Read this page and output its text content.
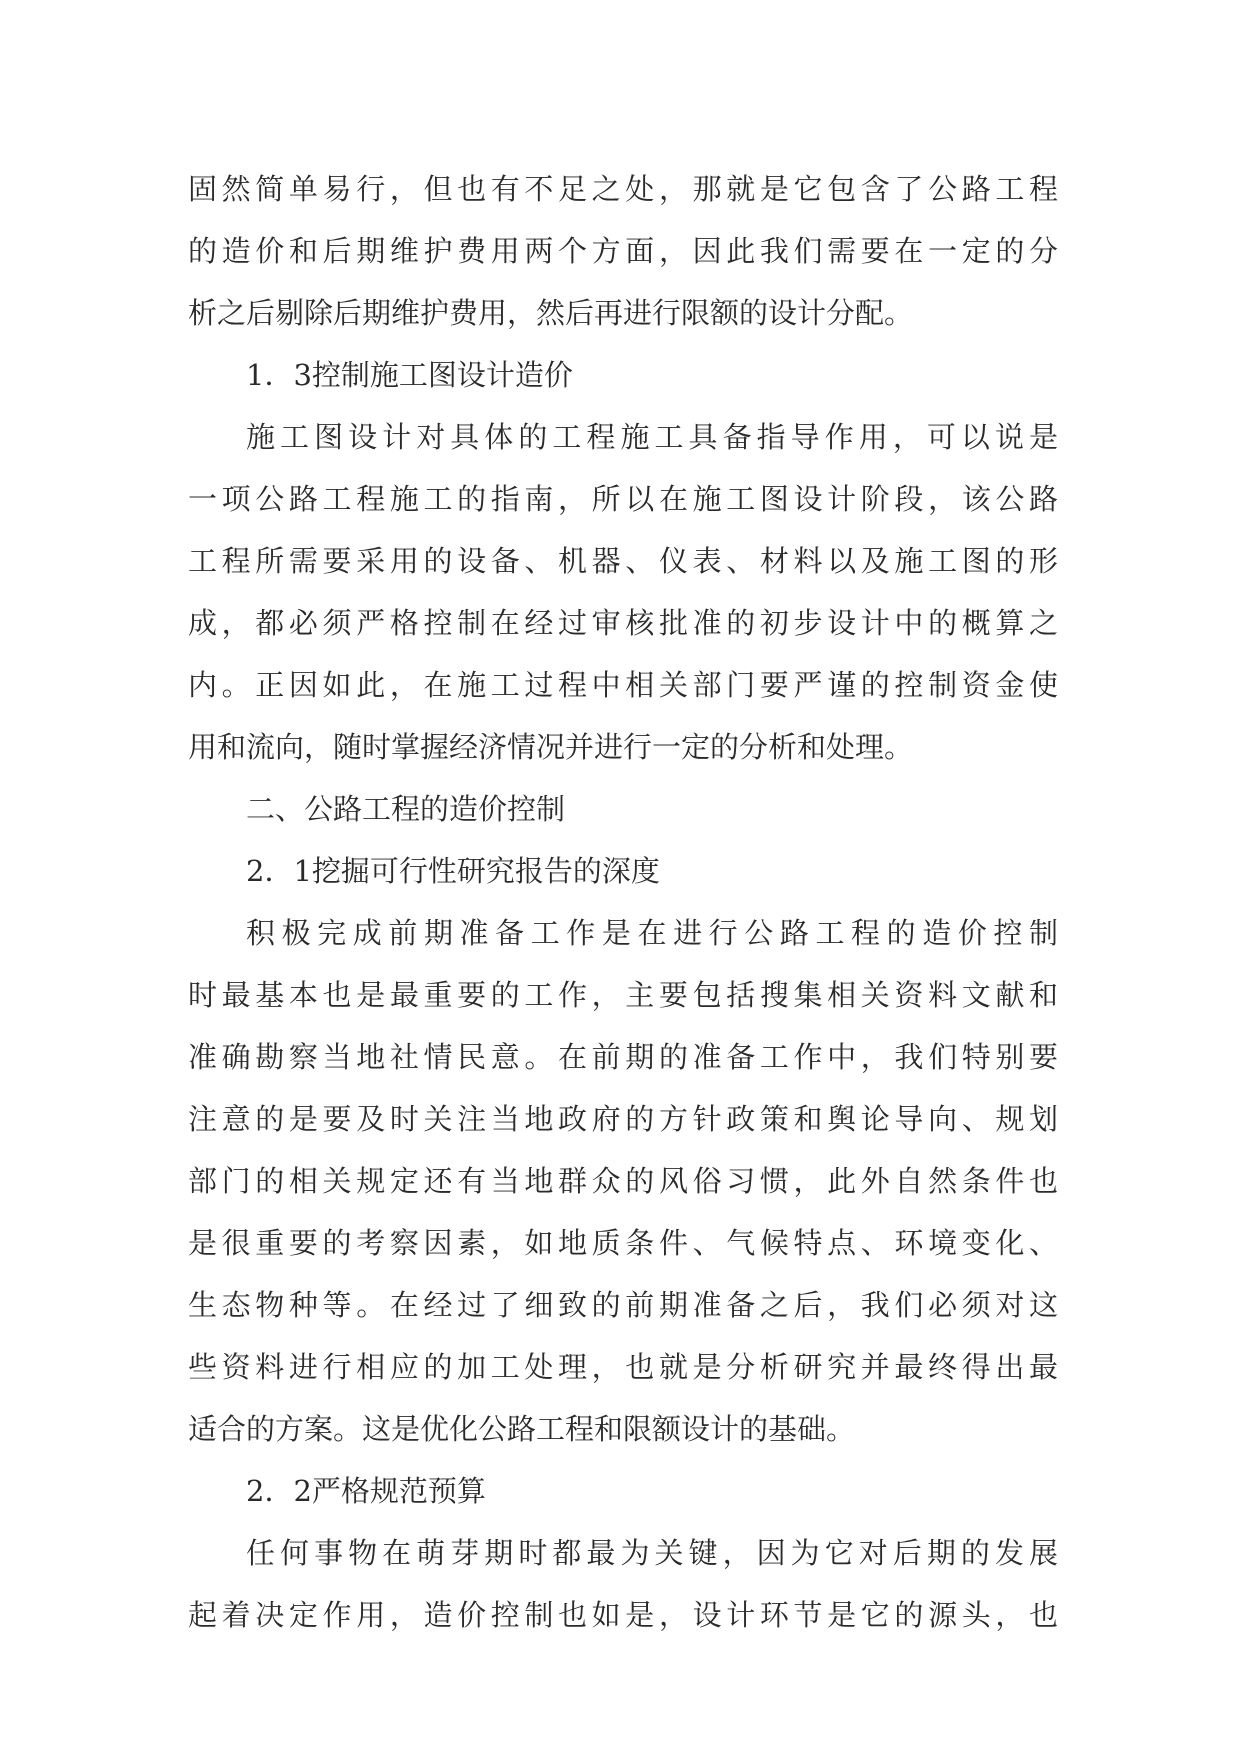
固然简单易行，但也有不足之处，那就是它包含了公路工程
的造价和后期维护费用两个方面，因此我们需要在一定的分
析之后剔除后期维护费用，然后再进行限额的设计分配。
1．3控制施工图设计造价
施工图设计对具体的工程施工具备指导作用，可以说是
一项公路工程施工的指南，所以在施工图设计阶段，该公路
工程所需要采用的设备、机器、仪表、材料以及施工图的形
成，都必须严格控制在经过审核批准的初步设计中的概算之
内。正因如此，在施工过程中相关部门要严谨的控制资金使
用和流向，随时掌握经济情况并进行一定的分析和处理。
二、公路工程的造价控制
2．1挖掘可行性研究报告的深度
积极完成前期准备工作是在进行公路工程的造价控制
时最基本也是最重要的工作，主要包括搜集相关资料文献和
准确勘察当地社情民意。在前期的准备工作中，我们特别要
注意的是要及时关注当地政府的方针政策和舆论导向、规划
部门的相关规定还有当地群众的风俗习惯，此外自然条件也
是很重要的考察因素，如地质条件、气候特点、环境变化、
生态物种等。在经过了细致的前期准备之后，我们必须对这
些资料进行相应的加工处理，也就是分析研究并最终得出最
适合的方案。这是优化公路工程和限额设计的基础。
2．2严格规范预算
任何事物在萌芽期时都最为关键，因为它对后期的发展
起着决定作用，造价控制也如是，设计环节是它的源头，也
